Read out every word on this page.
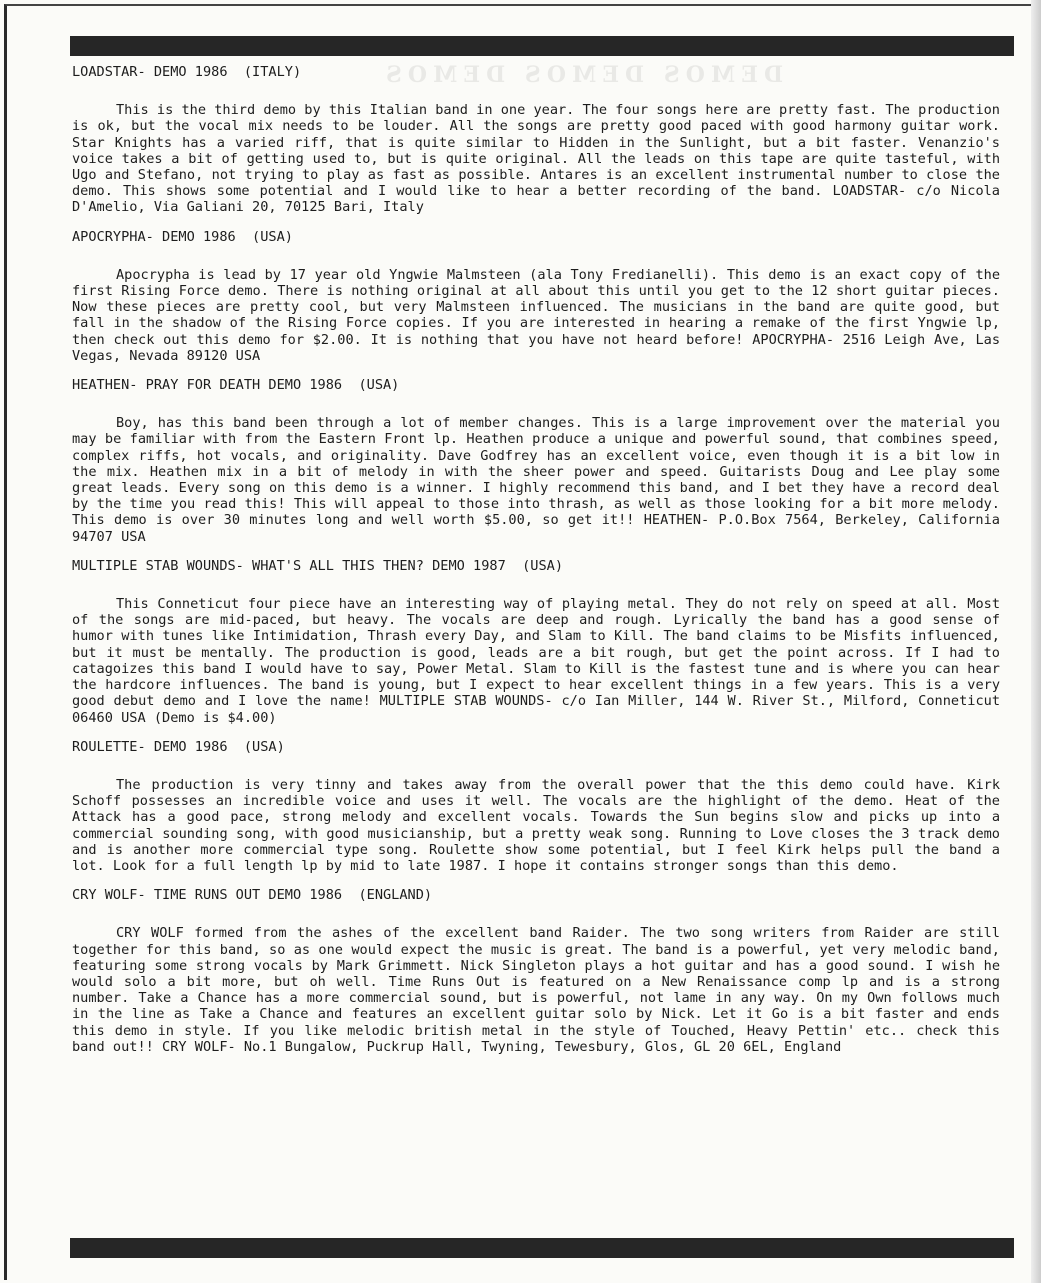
DEMOS DEMOS DEMOS

LOADSTAR- DEMO 1986  (ITALY)

This is the third demo by this Italian band in one year. The four songs here are pretty fast. The production is ok, but the vocal mix needs to be louder. All the songs are pretty good paced with good harmony guitar work. Star Knights has a varied riff, that is quite similar to Hidden in the Sunlight, but a bit faster. Venanzio's voice takes a bit of getting used to, but is quite original. All the leads on this tape are quite tasteful, with Ugo and Stefano, not trying to play as fast as possible. Antares is an excellent instrumental number to close the demo. This shows some potential and I would like to hear a better recording of the band. LOADSTAR- c/o Nicola D'Amelio, Via Galiani 20, 70125 Bari, Italy

APOCRYPHA- DEMO 1986  (USA)

Apocrypha is lead by 17 year old Yngwie Malmsteen (ala Tony Fredianelli). This demo is an exact copy of the first Rising Force demo. There is nothing original at all about this until you get to the 12 short guitar pieces. Now these pieces are pretty cool, but very Malmsteen influenced. The musicians in the band are quite good, but fall in the shadow of the Rising Force copies. If you are interested in hearing a remake of the first Yngwie lp, then check out this demo for $2.00. It is nothing that you have not heard before! APOCRYPHA- 2516 Leigh Ave, Las Vegas, Nevada 89120 USA

HEATHEN- PRAY FOR DEATH DEMO 1986  (USA)

Boy, has this band been through a lot of member changes. This is a large improvement over the material you may be familiar with from the Eastern Front lp. Heathen produce a unique and powerful sound, that combines speed, complex riffs, hot vocals, and originality. Dave Godfrey has an excellent voice, even though it is a bit low in the mix. Heathen mix in a bit of melody in with the sheer power and speed. Guitarists Doug and Lee play some great leads. Every song on this demo is a winner. I highly recommend this band, and I bet they have a record deal by the time you read this! This will appeal to those into thrash, as well as those looking for a bit more melody. This demo is over 30 minutes long and well worth $5.00, so get it!! HEATHEN- P.O.Box 7564, Berkeley, California 94707 USA

MULTIPLE STAB WOUNDS- WHAT'S ALL THIS THEN? DEMO 1987  (USA)

This Conneticut four piece have an interesting way of playing metal. They do not rely on speed at all. Most of the songs are mid-paced, but heavy. The vocals are deep and rough. Lyrically the band has a good sense of humor with tunes like Intimidation, Thrash every Day, and Slam to Kill. The band claims to be Misfits influenced, but it must be mentally. The production is good, leads are a bit rough, but get the point across. If I had to catagoizes this band I would have to say, Power Metal. Slam to Kill is the fastest tune and is where you can hear the hardcore influences. The band is young, but I expect to hear excellent things in a few years. This is a very good debut demo and I love the name! MULTIPLE STAB WOUNDS- c/o Ian Miller, 144 W. River St., Milford, Conneticut 06460 USA (Demo is $4.00)

ROULETTE- DEMO 1986  (USA)

The production is very tinny and takes away from the overall power that the this demo could have. Kirk Schoff possesses an incredible voice and uses it well. The vocals are the highlight of the demo. Heat of the Attack has a good pace, strong melody and excellent vocals. Towards the Sun begins slow and picks up into a commercial sounding song, with good musicianship, but a pretty weak song. Running to Love closes the 3 track demo and is another more commercial type song. Roulette show some potential, but I feel Kirk helps pull the band a lot. Look for a full length lp by mid to late 1987. I hope it contains stronger songs than this demo.

CRY WOLF- TIME RUNS OUT DEMO 1986  (ENGLAND)

CRY WOLF formed from the ashes of the excellent band Raider. The two song writers from Raider are still together for this band, so as one would expect the music is great. The band is a powerful, yet very melodic band, featuring some strong vocals by Mark Grimmett. Nick Singleton plays a hot guitar and has a good sound. I wish he would solo a bit more, but oh well. Time Runs Out is featured on a New Renaissance comp lp and is a strong number. Take a Chance has a more commercial sound, but is powerful, not lame in any way. On my Own follows much in the line as Take a Chance and features an excellent guitar solo by Nick. Let it Go is a bit faster and ends this demo in style. If you like melodic british metal in the style of Touched, Heavy Pettin' etc.. check this band out!! CRY WOLF- No.1 Bungalow, Puckrup Hall, Twyning, Tewesbury, Glos, GL 20 6EL, England
